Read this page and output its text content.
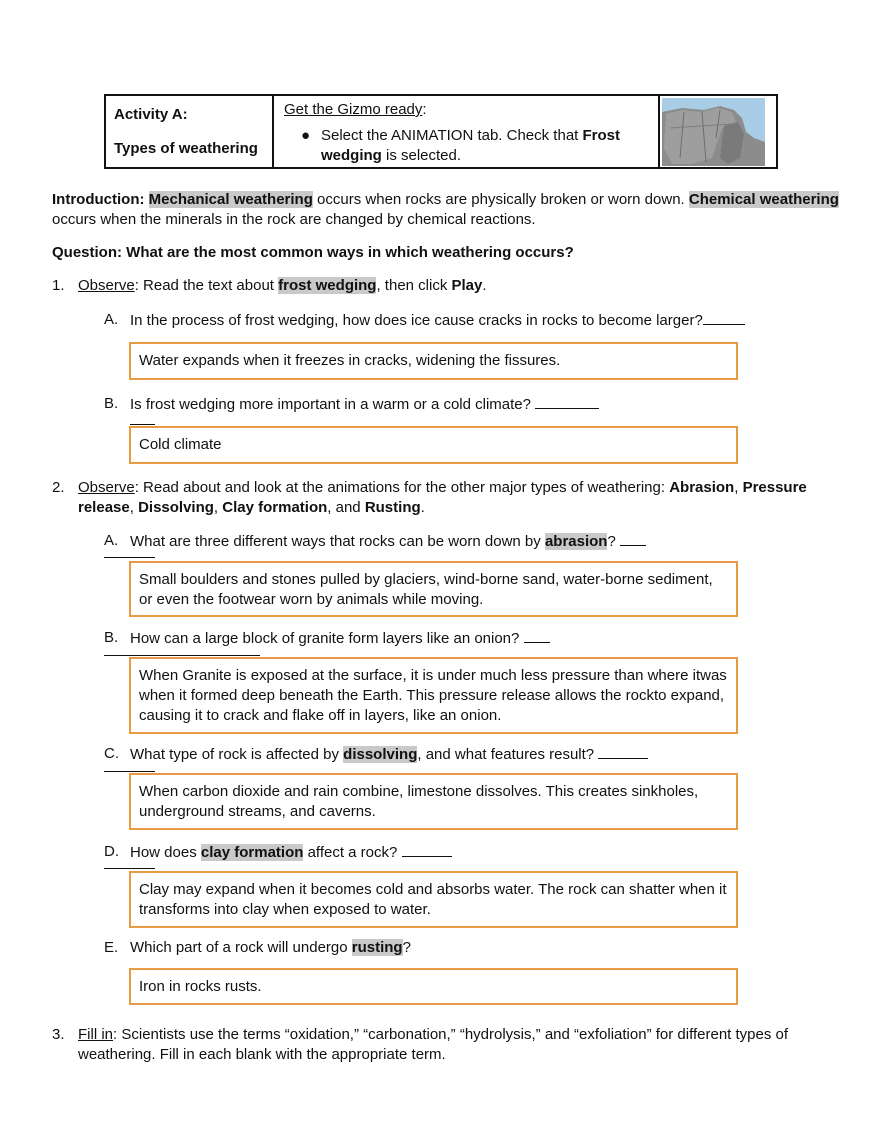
Activity A:
Types of weathering
Get the Gizmo ready:
● Select the ANIMATION tab. Check that Frost wedging is selected.
Introduction: Mechanical weathering occurs when rocks are physically broken or worn down. Chemical weathering occurs when the minerals in the rock are changed by chemical reactions.
Question: What are the most common ways in which weathering occurs?
1. Observe: Read the text about frost wedging, then click Play.
A. In the process of frost wedging, how does ice cause cracks in rocks to become larger?
Water expands when it freezes in cracks, widening the fissures.
B. Is frost wedging more important in a warm or a cold climate?
Cold climate
2. Observe: Read about and look at the animations for the other major types of weathering: Abrasion, Pressure release, Dissolving, Clay formation, and Rusting.
A. What are three different ways that rocks can be worn down by abrasion?
Small boulders and stones pulled by glaciers, wind-borne sand, water-borne sediment, or even the footwear worn by animals while moving.
B. How can a large block of granite form layers like an onion?
When Granite is exposed at the surface, it is under much less pressure than where itwas when it formed deep beneath the Earth. This pressure release allows the rockto expand, causing it to crack and flake off in layers, like an onion.
C. What type of rock is affected by dissolving, and what features result?
When carbon dioxide and rain combine, limestone dissolves. This creates sinkholes, underground streams, and caverns.
D. How does clay formation affect a rock?
Clay may expand when it becomes cold and absorbs water. The rock can shatter when it transforms into clay when exposed to water.
E. Which part of a rock will undergo rusting?
Iron in rocks rusts.
3. Fill in: Scientists use the terms “oxidation,” “carbonation,” “hydrolysis,” and “exfoliation” for different types of weathering. Fill in each blank with the appropriate term.
